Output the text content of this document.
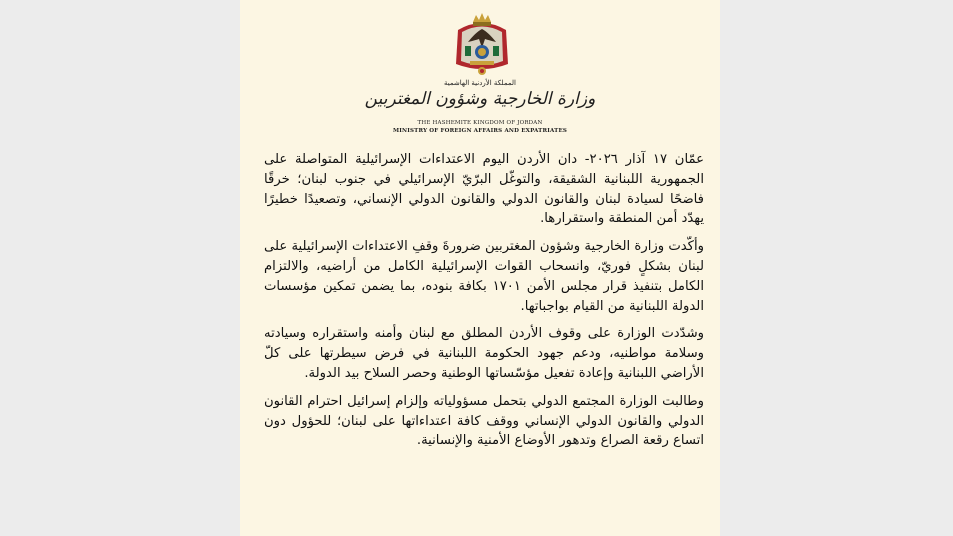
المملكة الأردنية الهاشمية
وزارة الخارجية وشؤون المغتربين
THE HASHEMITE KINGDOM OF JORDAN
MINISTRY OF FOREIGN AFFAIRS AND EXPATRIATES

عمّان ١٧ آذار ٢٠٢٦- دان الأردن اليوم الاعتداءات الإسرائيلية المتواصلة على الجمهورية اللبنانية الشقيقة، والتوغّل البرّيّ الإسرائيلي في جنوب لبنان؛ خرقًا فاضحًا لسيادة لبنان والقانون الدولي والقانون الدولي الإنساني، وتصعيدًا خطيرًا يهدّد أمن المنطقة واستقرارها.

وأكّدت وزارة الخارجية وشؤون المغتربين ضرورةَ وقفِ الاعتداءات الإسرائيلية على لبنان بشكلٍ فوريّ، وانسحاب القوات الإسرائيلية الكامل من أراضيه، والالتزام الكامل بتنفيذ قرار مجلس الأمن ١٧٠١ بكافة بنوده، بما يضمن تمكين مؤسسات الدولة اللبنانية من القيام بواجباتها.

وشدّدت الوزارة على وقوف الأردن المطلق مع لبنان وأمنه واستقراره وسيادته وسلامة مواطنيه، ودعم جهود الحكومة اللبنانية في فرض سيطرتها على كلّ الأراضي اللبنانية وإعادة تفعيل مؤسّساتها الوطنية وحصر السلاح بيد الدولة.

وطالبت الوزارة المجتمع الدولي بتحمل مسؤولياته وإلزام إسرائيل احترام القانون الدولي والقانون الدولي الإنساني ووقف كافة اعتداءاتها على لبنان؛ للحؤول دون اتساع رقعة الصراع وتدهور الأوضاع الأمنية والإنسانية.
